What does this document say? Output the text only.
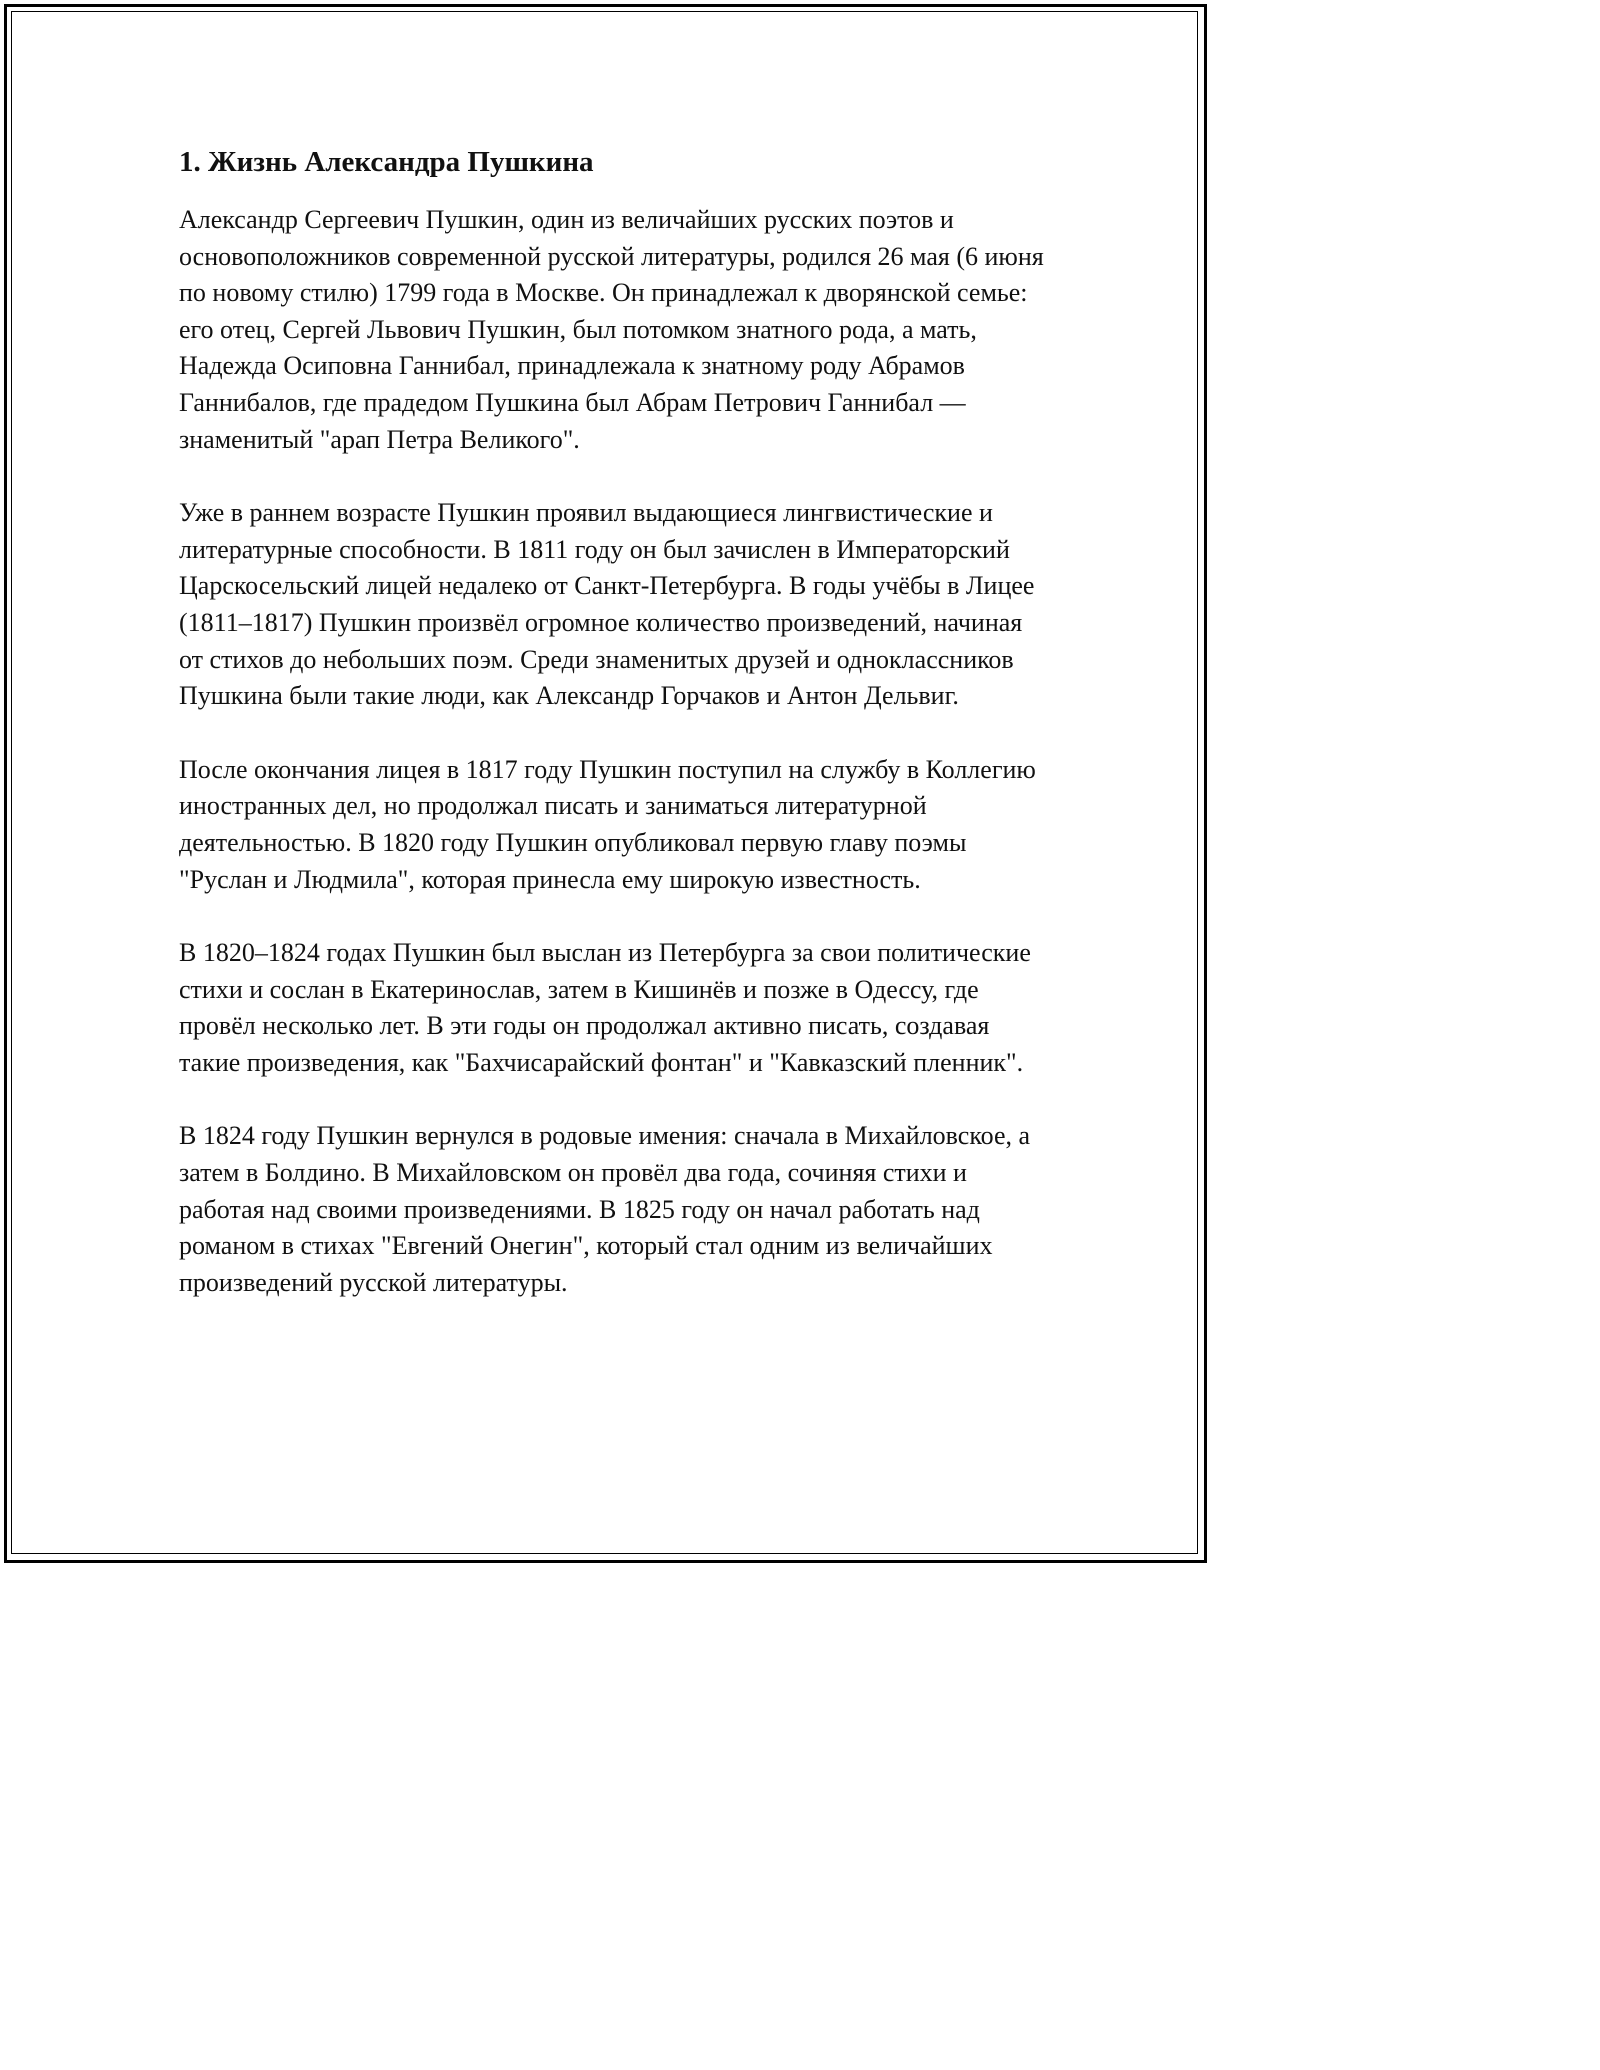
1. Жизнь Александра Пушкина

Александр Сергеевич Пушкин, один из величайших русских поэтов и основоположников современной русской литературы, родился 26 мая (6 июня по новому стилю) 1799 года в Москве. Он принадлежал к дворянской семье: его отец, Сергей Львович Пушкин, был потомком знатного рода, а мать, Надежда Осиповна Ганнибал, принадлежала к знатному роду Абрамов Ганнибалов, где прадедом Пушкина был Абрам Петрович Ганнибал — знаменитый "арап Петра Великого".

Уже в раннем возрасте Пушкин проявил выдающиеся лингвистические и литературные способности. В 1811 году он был зачислен в Императорский Царскосельский лицей недалеко от Санкт-Петербурга. В годы учёбы в Лицее (1811–1817) Пушкин произвёл огромное количество произведений, начиная от стихов до небольших поэм. Среди знаменитых друзей и одноклассников Пушкина были такие люди, как Александр Горчаков и Антон Дельвиг.

После окончания лицея в 1817 году Пушкин поступил на службу в Коллегию иностранных дел, но продолжал писать и заниматься литературной деятельностью. В 1820 году Пушкин опубликовал первую главу поэмы "Руслан и Людмила", которая принесла ему широкую известность.

В 1820–1824 годах Пушкин был выслан из Петербурга за свои политические стихи и сослан в Екатеринослав, затем в Кишинёв и позже в Одессу, где провёл несколько лет. В эти годы он продолжал активно писать, создавая такие произведения, как "Бахчисарайский фонтан" и "Кавказский пленник".

В 1824 году Пушкин вернулся в родовые имения: сначала в Михайловское, а затем в Болдино. В Михайловском он провёл два года, сочиняя стихи и работая над своими произведениями. В 1825 году он начал работать над романом в стихах "Евгений Онегин", который стал одним из величайших произведений русской литературы.
